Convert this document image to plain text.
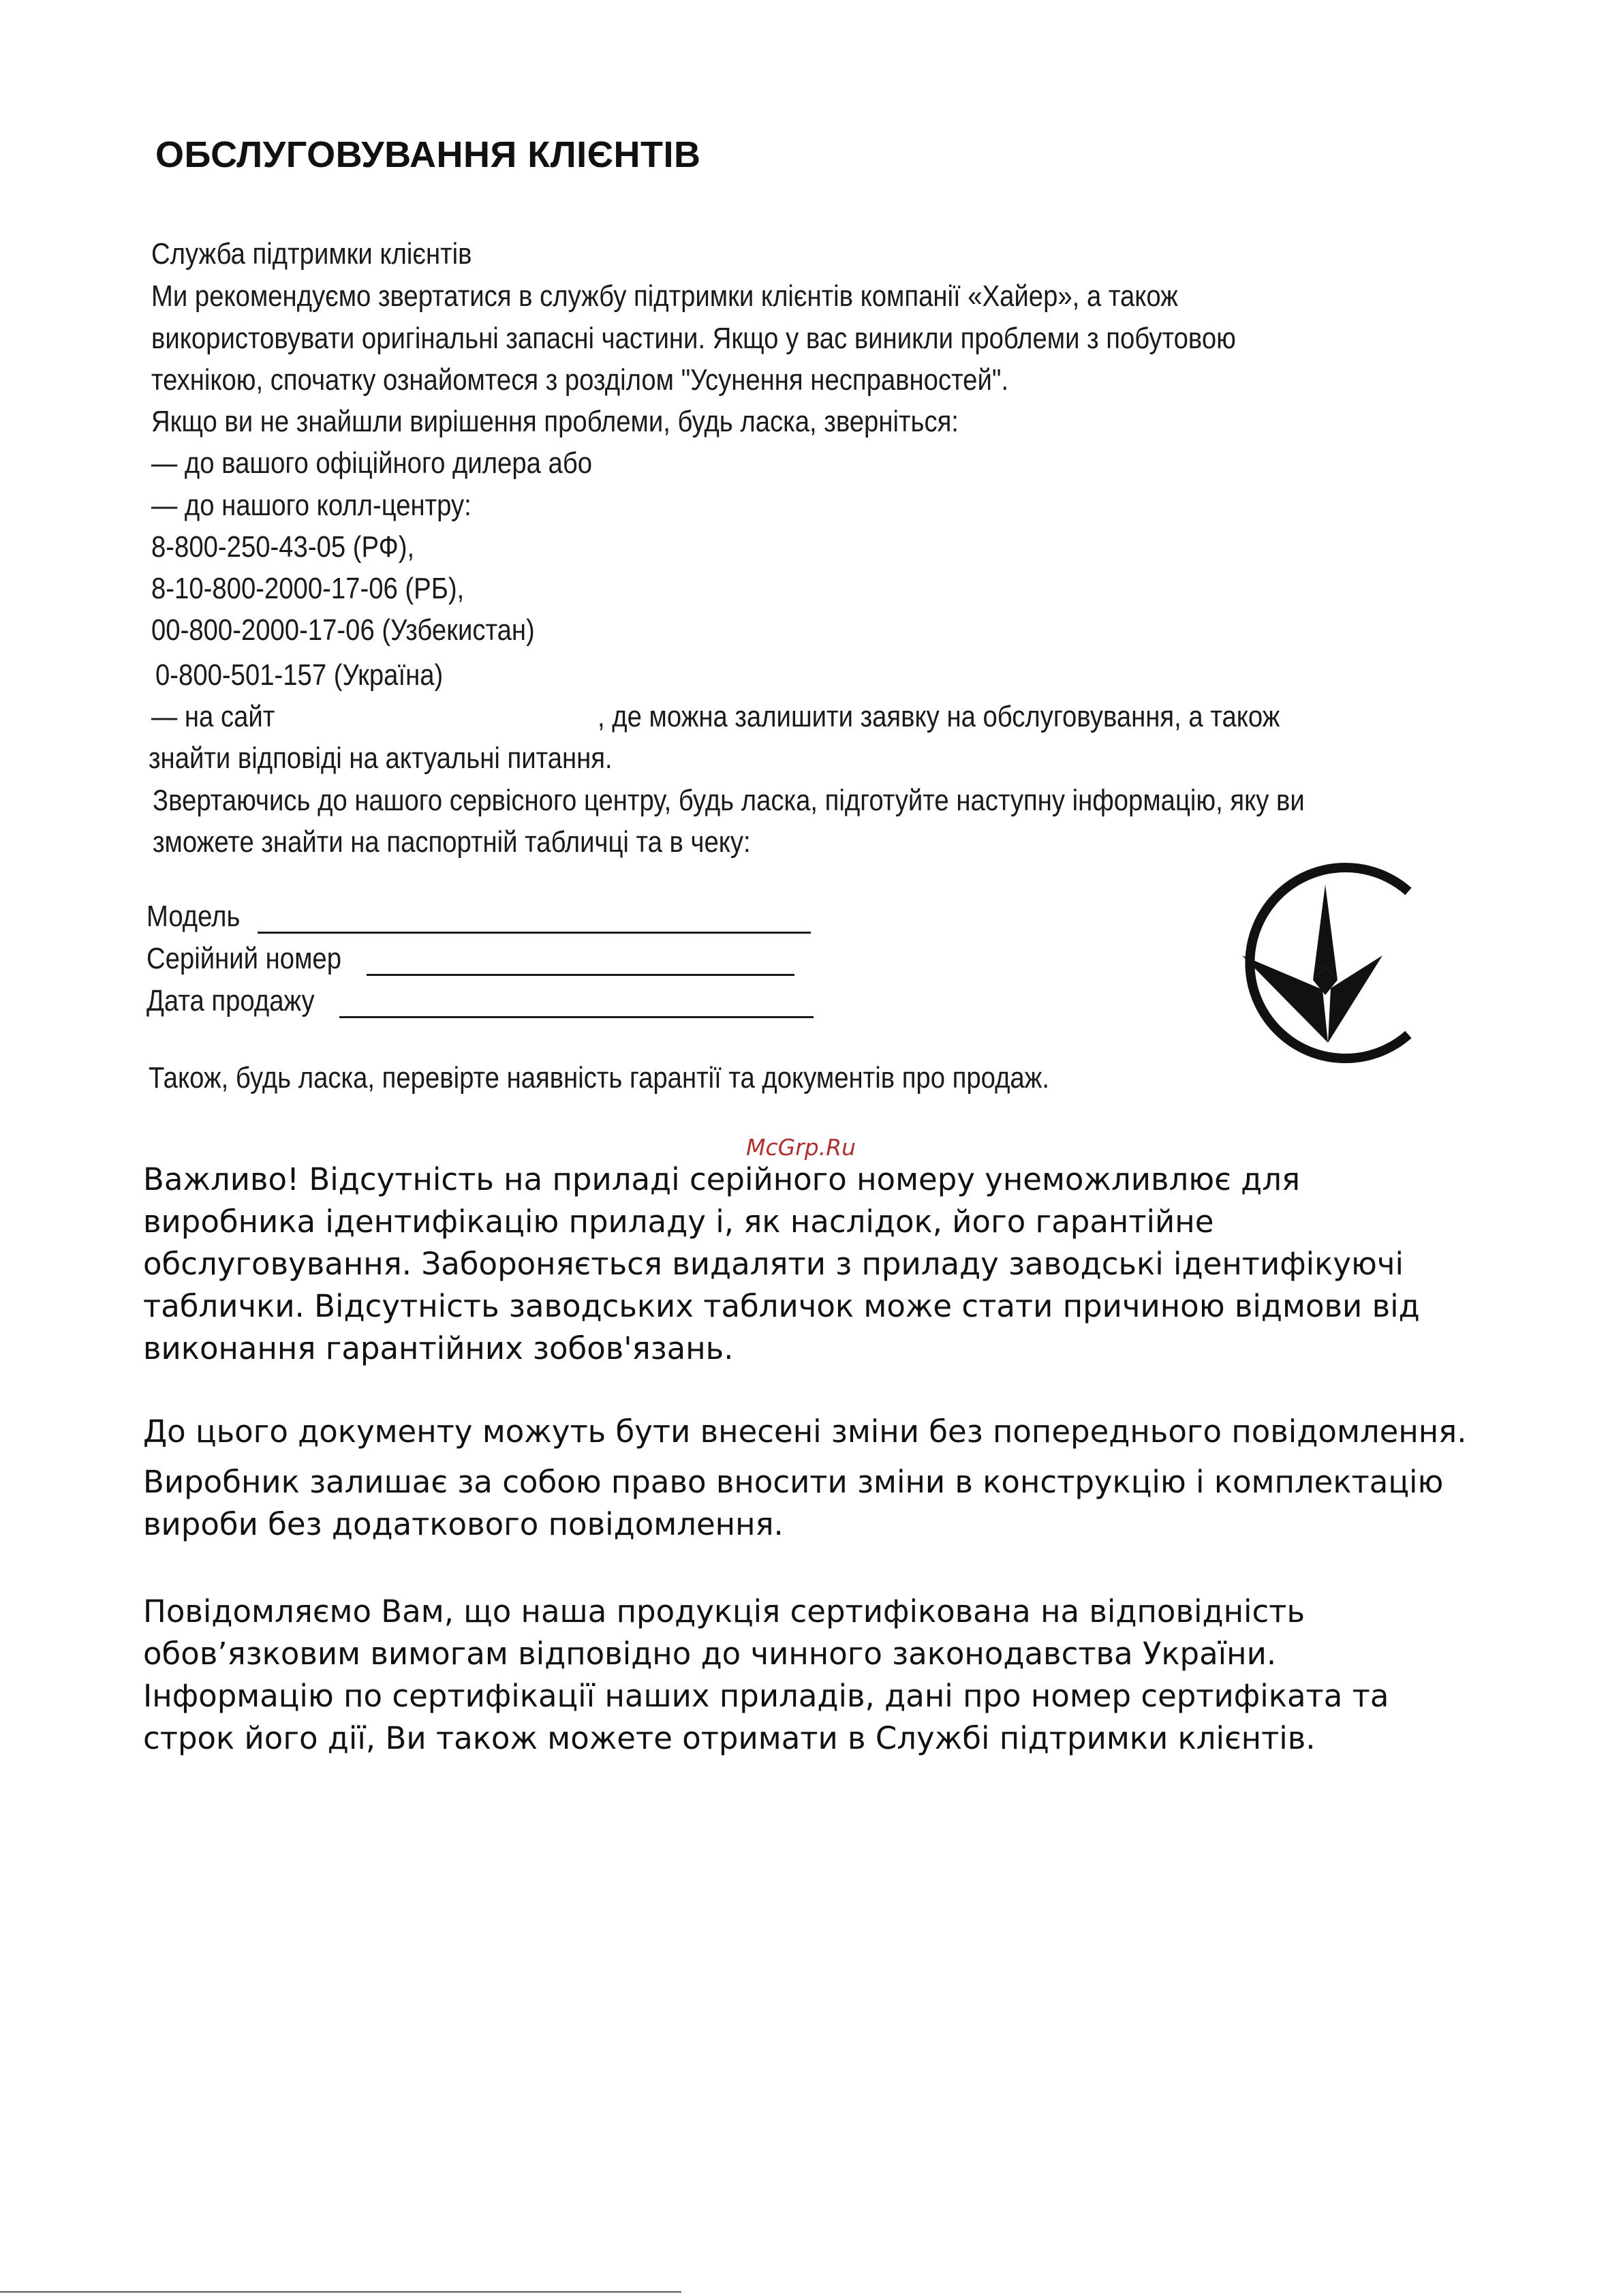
ОБСЛУГОВУВАННЯ КЛІЄНТІВ
Служба підтримки клієнтів
Ми рекомендуємо звертатися в службу підтримки клієнтів компанії «Хайер», а також
використовувати оригінальні запасні частини. Якщо у вас виникли проблеми з побутовою
технікою, спочатку ознайомтеся з розділом "Усунення несправностей".
Якщо ви не знайшли вирішення проблеми, будь ласка, зверніться:
— до вашого офіційного дилера або
— до нашого колл-центру:
8-800-250-43-05 (РФ),
8-10-800-2000-17-06 (РБ),
00-800-2000-17-06 (Узбекистан)
0-800-501-157 (Україна)
— на сайт	, де можна залишити заявку на обслуговування, а також
знайти відповіді на актуальні питання.
Звертаючись до нашого сервісного центру, будь ласка, підготуйте наступну інформацію, яку ви
зможете знайти на паспортній табличці та в чеку:
Модель
Серійний номер
Дата продажу
Також, будь ласка, перевірте наявність гарантії та документів про продаж.
McGrp.Ru
Важливо! Відсутність на приладі серійного номеру унеможливлює для
виробника ідентифікацію приладу і, як наслідок, його гарантійне
обслуговування. Забороняється видаляти з приладу заводські ідентифікуючі
таблички. Відсутність заводських табличок може стати причиною відмови від
виконання гарантійних зобов'язань.
До цього документу можуть бути внесені зміни без попереднього повідомлення.
Виробник залишає за собою право вносити зміни в конструкцію і комплектацію
вироби без додаткового повідомлення.
Повідомляємо Вам, що наша продукція сертифікована на відповідність
обов’язковим вимогам відповідно до чинного законодавства України.
Інформацію по сертифікації наших приладів, дані про номер сертифіката та
строк його дії, Ви також можете отримати в Службі підтримки клієнтів.
